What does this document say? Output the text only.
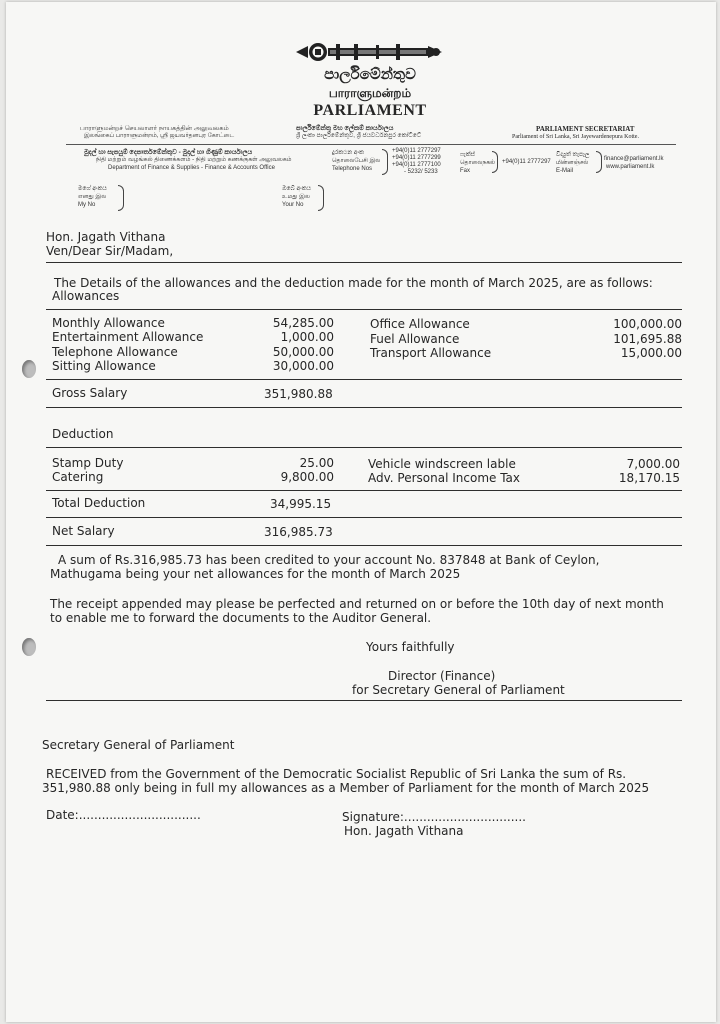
පාර්ලිමේන්තුව
பாராளுமன்றம்
PARLIAMENT
பாராளுமன்றச் செயலாளர் நாயகத்தின் அலுவலகம்
இலங்கைப் பாராளுமன்றம், ஸ்ரீ ஜயவர்தனபுர கோட்டை
පාර්ලිමේන්තු මහ ලේකම් කාර්යාලය
ශ්‍රී ලංකා පාර්ලිමේන්තුව, ශ්‍රී ජයවර්ධනපුර කෝට්ටේ
PARLIAMENT SECRETARIAT
Parliament of Sri Lanka, Sri Jayewardenepura Kotte.
මුදල් හා සැපයුම් දෙපාර්තමේන්තුව - මුදල් හා ගිණුම් කාර්යාලය
நிதி மற்றும் வழங்கல் திணைக்களம் - நிதி மற்றும் கணக்குகள் அலுவலகம்
Department of Finance & Supplies - Finance & Accounts Office
දුරකථන අංක
தொலைபேசி இல
Telephone Nos
+94(0)11 2777297
+94(0)11 2777299
+94(0)11 2777100
- 5232/ 5233
ෆැක්ස්
தொலைநகல்
Fax
+94(0)11 2777297
විද්‍යුත් තැපෑල
மின்னஞ்சல்
E-Mail
finance@parliament.lk
www.parliament.lk
මගේ අංකය
எனது இல
My No
ඔබේ අංකය
உமது இல
Your No
Hon. Jagath Vithana
Ven/Dear Sir/Madam,
The Details of the allowances and the deduction made for the month of March 2025, are as follows:
Allowances
Monthly Allowance	54,285.00
Entertainment Allowance	1,000.00
Telephone Allowance	50,000.00
Sitting Allowance	30,000.00
Office Allowance	100,000.00
Fuel Allowance	101,695.88
Transport Allowance	15,000.00
Gross Salary	351,980.88
Deduction
Stamp Duty	25.00
Catering	9,800.00
Vehicle windscreen lable	7,000.00
Adv. Personal Income Tax	18,170.15
Total Deduction	34,995.15
Net Salary	316,985.73
A sum of Rs.316,985.73 has been credited to your account No. 837848 at Bank of Ceylon,
Mathugama being your net allowances for the month of March 2025
The receipt appended may please be perfected and returned on or before the 10th day of next month
to enable me to forward the documents to the Auditor General.
Yours faithfully
Director (Finance)
for Secretary General of Parliament
Secretary General of Parliament
RECEIVED from the Government of the Democratic Socialist Republic of Sri Lanka the sum of Rs.
351,980.88 only being in full my allowances as a Member of Parliament for the month of March 2025
Date:................................	Signature:................................
Hon. Jagath Vithana
